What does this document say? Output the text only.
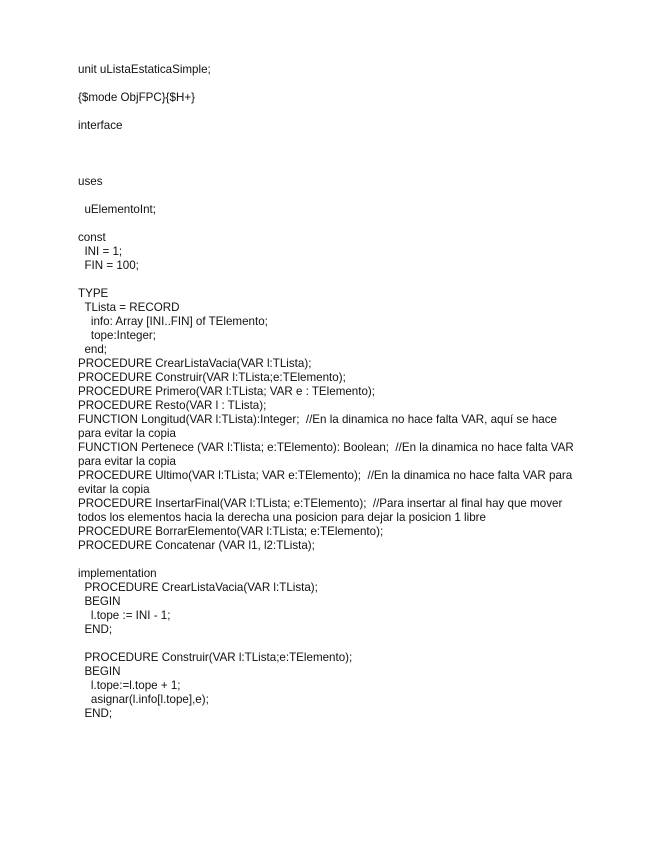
unit uListaEstaticaSimple;
{$mode ObjFPC}{$H+}
interface
uses
uElementoInt;
const
INI = 1;
FIN = 100;
TYPE
TLista = RECORD
info: Array [INI..FIN] of TElemento;
tope:Integer;
end;
PROCEDURE CrearListaVacia(VAR l:TLista);
PROCEDURE Construir(VAR l:TLista;e:TElemento);
PROCEDURE Primero(VAR l:TLista; VAR e : TElemento);
PROCEDURE Resto(VAR l : TLista);
FUNCTION Longitud(VAR l:TLista):Integer;  //En la dinamica no hace falta VAR, aquí se hace para evitar la copia
FUNCTION Pertenece (VAR l:Tlista; e:TElemento): Boolean;  //En la dinamica no hace falta VAR para evitar la copia
PROCEDURE Ultimo(VAR l:TLista; VAR e:TElemento);  //En la dinamica no hace falta VAR para evitar la copia
PROCEDURE InsertarFinal(VAR l:TLista; e:TElemento);  //Para insertar al final hay que mover todos los elementos hacia la derecha una posicion para dejar la posicion 1 libre
PROCEDURE BorrarElemento(VAR l:TLista; e:TElemento);
PROCEDURE Concatenar (VAR l1, l2:TLista);
implementation
PROCEDURE CrearListaVacia(VAR l:TLista);
BEGIN
l.tope := INI - 1;
END;
PROCEDURE Construir(VAR l:TLista;e:TElemento);
BEGIN
l.tope:=l.tope + 1;
asignar(l.info[l.tope],e);
END;
